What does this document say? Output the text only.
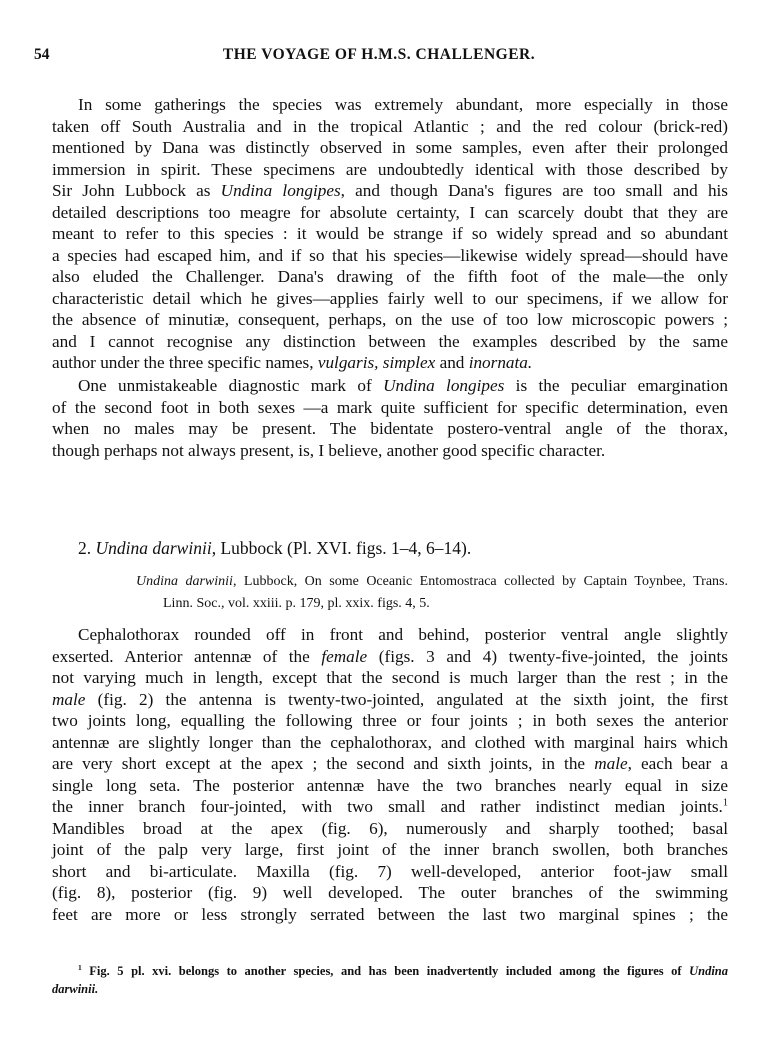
54	THE VOYAGE OF H.M.S. CHALLENGER.
In some gatherings the species was extremely abundant, more especially in those
taken off South Australia and in the tropical Atlantic ; and the red colour (brick-red)
mentioned by Dana was distinctly observed in some samples, even after their prolonged
immersion in spirit. These specimens are undoubtedly identical with those described by
Sir John Lubbock as Undina longipes, and though Dana's figures are too small and his
detailed descriptions too meagre for absolute certainty, I can scarcely doubt that they are
meant to refer to this species : it would be strange if so widely spread and so abundant
a species had escaped him, and if so that his species—likewise widely spread—should have
also eluded the Challenger. Dana's drawing of the fifth foot of the male—the only
characteristic detail which he gives—applies fairly well to our specimens, if we allow for
the absence of minutiæ, consequent, perhaps, on the use of too low microscopic powers ;
and I cannot recognise any distinction between the examples described by the same
author under the three specific names, vulgaris, simplex and inornata.
One unmistakeable diagnostic mark of Undina longipes is the peculiar emargination
of the second foot in both sexes —a mark quite sufficient for specific determination, even
when no males may be present. The bidentate postero-ventral angle of the thorax,
though perhaps not always present, is, I believe, another good specific character.
2. Undina darwinii, Lubbock (Pl. XVI. figs. 1–4, 6–14).
Undina darwinii, Lubbock, On some Oceanic Entomostraca collected by Captain Toynbee, Trans.
Linn. Soc., vol. xxiii. p. 179, pl. xxix. figs. 4, 5.
Cephalothorax rounded off in front and behind, posterior ventral angle slightly
exserted. Anterior antennæ of the female (figs. 3 and 4) twenty-five-jointed, the joints
not varying much in length, except that the second is much larger than the rest ; in the
male (fig. 2) the antenna is twenty-two-jointed, angulated at the sixth joint, the first
two joints long, equalling the following three or four joints ; in both sexes the anterior
antennæ are slightly longer than the cephalothorax, and clothed with marginal hairs which
are very short except at the apex ; the second and sixth joints, in the male, each bear a
single long seta. The posterior antennæ have the two branches nearly equal in size
the inner branch four-jointed, with two small and rather indistinct median joints.$^1$
Mandibles broad at the apex (fig. 6), numerously and sharply toothed; basal
joint of the palp very large, first joint of the inner branch swollen, both branches
short and bi-articulate. Maxilla (fig. 7) well-developed, anterior foot-jaw small
(fig. 8), posterior (fig. 9) well developed. The outer branches of the swimming
feet are more or less strongly serrated between the last two marginal spines ; the
$^1$ Fig. 5 pl. xvi. belongs to another species, and has been inadvertently included among the figures of Undina
darwinii.
